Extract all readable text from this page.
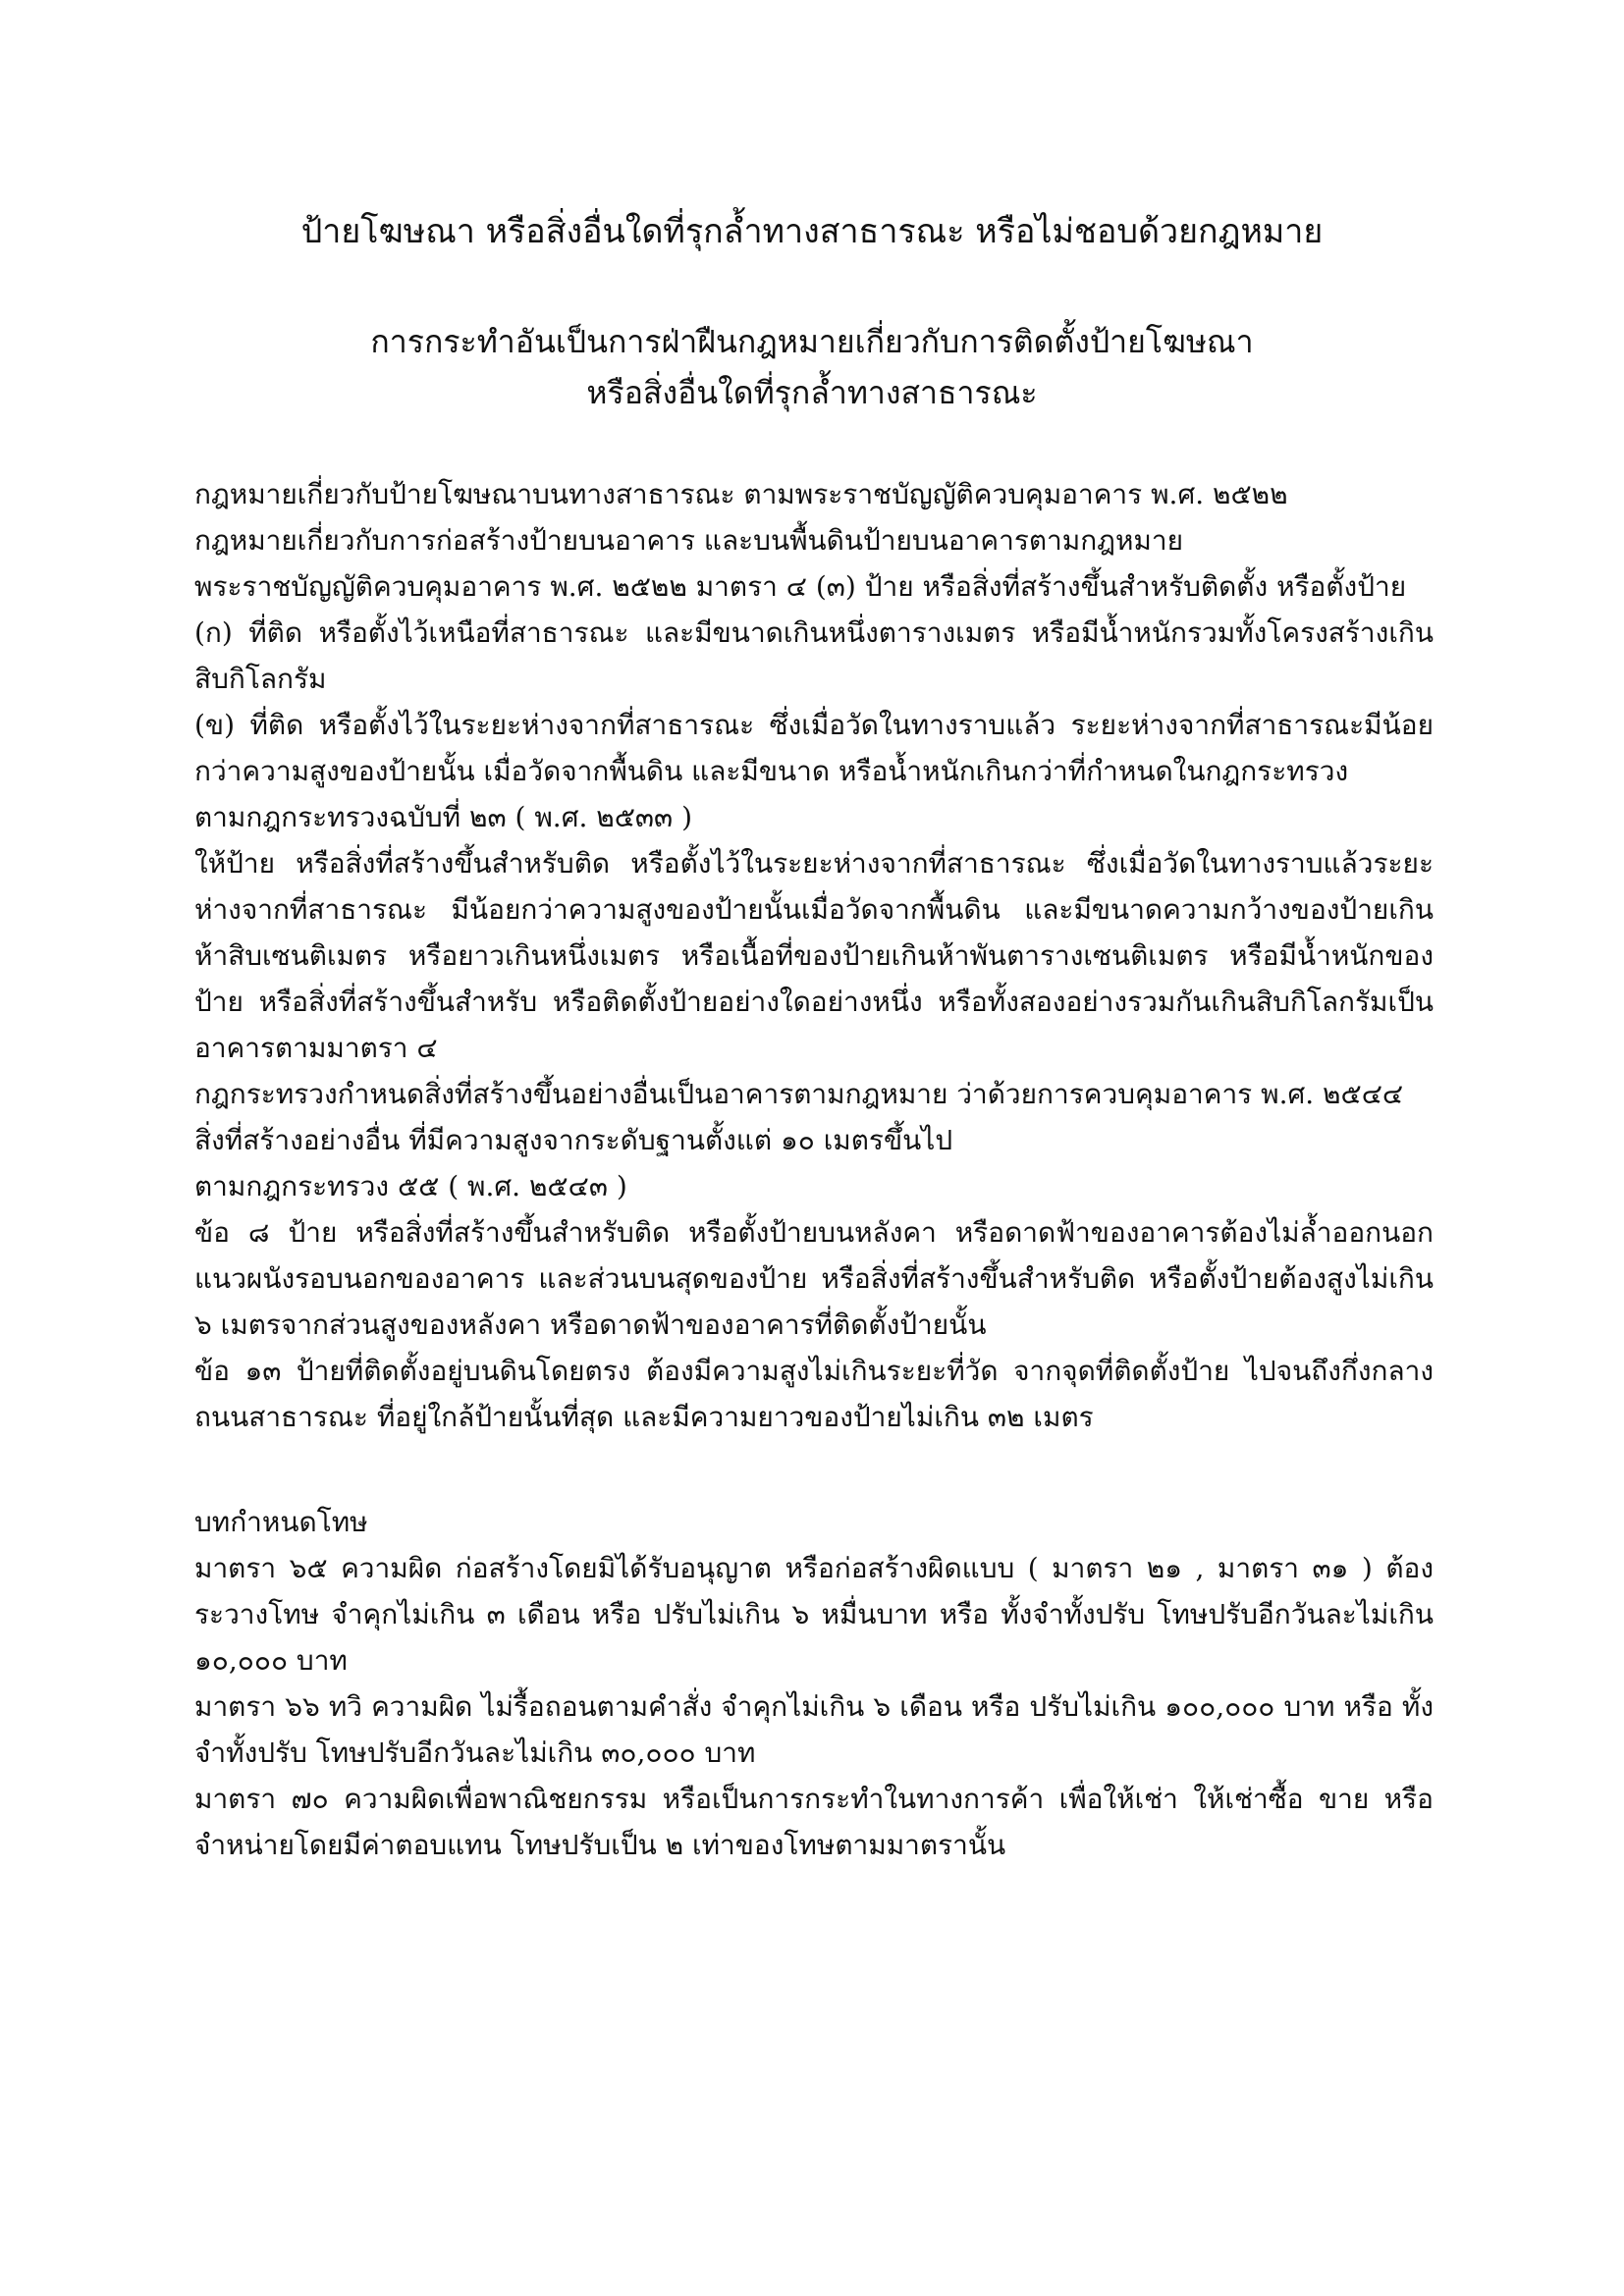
ป้ายโฆษณา หรือสิ่งอื่นใดที่รุกล้ำทางสาธารณะ หรือไม่ชอบด้วยกฎหมาย
การกระทำอันเป็นการฝ่าฝืนกฎหมายเกี่ยวกับการติดตั้งป้ายโฆษณา
หรือสิ่งอื่นใดที่รุกล้ำทางสาธารณะ
กฎหมายเกี่ยวกับป้ายโฆษณาบนทางสาธารณะ ตามพระราชบัญญัติควบคุมอาคาร พ.ศ. ๒๕๒๒
กฎหมายเกี่ยวกับการก่อสร้างป้ายบนอาคาร และบนพื้นดินป้ายบนอาคารตามกฎหมาย
พระราชบัญญัติควบคุมอาคาร พ.ศ. ๒๕๒๒ มาตรา ๔ (๓) ป้าย หรือสิ่งที่สร้างขึ้นสำหรับติดตั้ง หรือตั้งป้าย
(ก) ที่ติด หรือตั้งไว้เหนือที่สาธารณะ และมีขนาดเกินหนึ่งตารางเมตร หรือมีน้ำหนักรวมทั้งโครงสร้างเกินสิบกิโลกรัม
(ข) ที่ติด หรือตั้งไว้ในระยะห่างจากที่สาธารณะ ซึ่งเมื่อวัดในทางราบแล้ว ระยะห่างจากที่สาธารณะมีน้อยกว่าความสูงของป้ายนั้น เมื่อวัดจากพื้นดิน และมีขนาด หรือน้ำหนักเกินกว่าที่กำหนดในกฎกระทรวง
ตามกฎกระทรวงฉบับที่ ๒๓ ( พ.ศ. ๒๕๓๓ )
ให้ป้าย หรือสิ่งที่สร้างขึ้นสำหรับติด หรือตั้งไว้ในระยะห่างจากที่สาธารณะ ซึ่งเมื่อวัดในทางราบแล้วระยะห่างจากที่สาธารณะ มีน้อยกว่าความสูงของป้ายนั้นเมื่อวัดจากพื้นดิน และมีขนาดความกว้างของป้ายเกินห้าสิบเซนติเมตร หรือยาวเกินหนึ่งเมตร หรือเนื้อที่ของป้ายเกินห้าพันตารางเซนติเมตร หรือมีน้ำหนักของป้าย หรือสิ่งที่สร้างขึ้นสำหรับ หรือติดตั้งป้ายอย่างใดอย่างหนึ่ง หรือทั้งสองอย่างรวมกันเกินสิบกิโลกรัมเป็นอาคารตามมาตรา ๔
กฎกระทรวงกำหนดสิ่งที่สร้างขึ้นอย่างอื่นเป็นอาคารตามกฎหมาย ว่าด้วยการควบคุมอาคาร พ.ศ. ๒๕๔๔
สิ่งที่สร้างอย่างอื่น ที่มีความสูงจากระดับฐานตั้งแต่ ๑๐ เมตรขึ้นไป
ตามกฎกระทรวง ๕๕ ( พ.ศ. ๒๕๔๓ )
ข้อ ๘ ป้าย หรือสิ่งที่สร้างขึ้นสำหรับติด หรือตั้งป้ายบนหลังคา หรือดาดฟ้าของอาคารต้องไม่ล้ำออกนอกแนวผนังรอบนอกของอาคาร และส่วนบนสุดของป้าย หรือสิ่งที่สร้างขึ้นสำหรับติด หรือตั้งป้ายต้องสูงไม่เกิน ๖ เมตรจากส่วนสูงของหลังคา หรือดาดฟ้าของอาคารที่ติดตั้งป้ายนั้น
ข้อ ๑๓ ป้ายที่ติดตั้งอยู่บนดินโดยตรง ต้องมีความสูงไม่เกินระยะที่วัด จากจุดที่ติดตั้งป้าย ไปจนถึงกึ่งกลางถนนสาธารณะ ที่อยู่ใกล้ป้ายนั้นที่สุด และมีความยาวของป้ายไม่เกิน ๓๒ เมตร
บทกำหนดโทษ
มาตรา ๖๕ ความผิด ก่อสร้างโดยมิได้รับอนุญาต หรือก่อสร้างผิดแบบ ( มาตรา ๒๑ , มาตรา ๓๑ ) ต้องระวางโทษ จำคุกไม่เกิน ๓ เดือน หรือ ปรับไม่เกิน ๖ หมื่นบาท หรือ ทั้งจำทั้งปรับ โทษปรับอีกวันละไม่เกิน ๑๐,๐๐๐ บาท
มาตรา ๖๖ ทวิ ความผิด ไม่รื้อถอนตามคำสั่ง จำคุกไม่เกิน ๖ เดือน หรือ ปรับไม่เกิน ๑๐๐,๐๐๐ บาท หรือ ทั้งจำทั้งปรับ โทษปรับอีกวันละไม่เกิน ๓๐,๐๐๐ บาท
มาตรา ๗๐ ความผิดเพื่อพาณิชยกรรม หรือเป็นการกระทำในทางการค้า เพื่อให้เช่า ให้เช่าซื้อ ขาย หรือจำหน่ายโดยมีค่าตอบแทน โทษปรับเป็น ๒ เท่าของโทษตามมาตรานั้น
